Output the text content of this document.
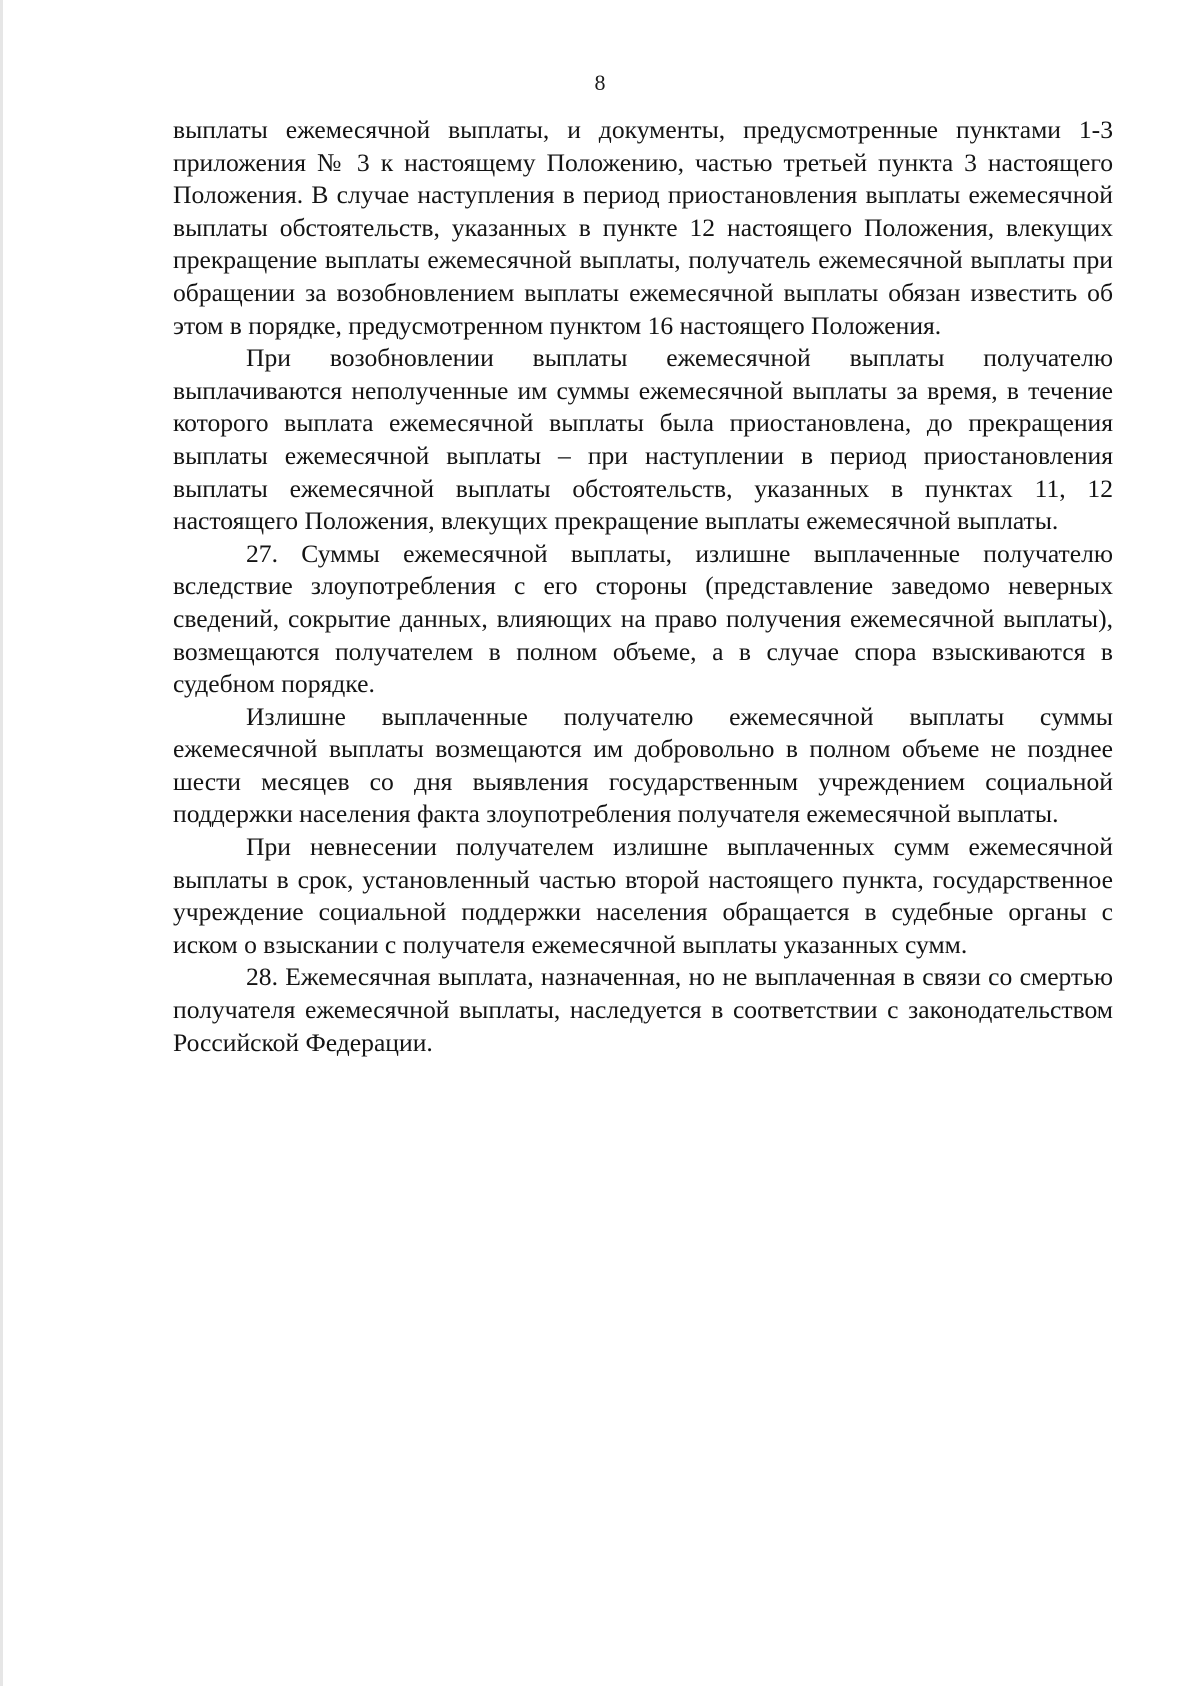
8

выплаты ежемесячной выплаты, и документы, предусмотренные пунктами 1-3 приложения № 3 к настоящему Положению, частью третьей пункта 3 настоящего Положения. В случае наступления в период приостановления выплаты ежемесячной выплаты обстоятельств, указанных в пункте 12 настоящего Положения, влекущих прекращение выплаты ежемесячной выплаты, получатель ежемесячной выплаты при обращении за возобновлением выплаты ежемесячной выплаты обязан известить об этом в порядке, предусмотренном пунктом 16 настоящего Положения.

При возобновлении выплаты ежемесячной выплаты получателю выплачиваются неполученные им суммы ежемесячной выплаты за время, в течение которого выплата ежемесячной выплаты была приостановлена, до прекращения выплаты ежемесячной выплаты – при наступлении в период приостановления выплаты ежемесячной выплаты обстоятельств, указанных в пунктах 11, 12 настоящего Положения, влекущих прекращение выплаты ежемесячной выплаты.

27. Суммы ежемесячной выплаты, излишне выплаченные получателю вследствие злоупотребления с его стороны (представление заведомо неверных сведений, сокрытие данных, влияющих на право получения ежемесячной выплаты), возмещаются получателем в полном объеме, а в случае спора взыскиваются в судебном порядке.

Излишне выплаченные получателю ежемесячной выплаты суммы ежемесячной выплаты возмещаются им добровольно в полном объеме не позднее шести месяцев со дня выявления государственным учреждением социальной поддержки населения факта злоупотребления получателя ежемесячной выплаты.

При невнесении получателем излишне выплаченных сумм ежемесячной выплаты в срок, установленный частью второй настоящего пункта, государственное учреждение социальной поддержки населения обращается в судебные органы с иском о взыскании с получателя ежемесячной выплаты указанных сумм.

28. Ежемесячная выплата, назначенная, но не выплаченная в связи со смертью получателя ежемесячной выплаты, наследуется в соответствии с законодательством Российской Федерации.
